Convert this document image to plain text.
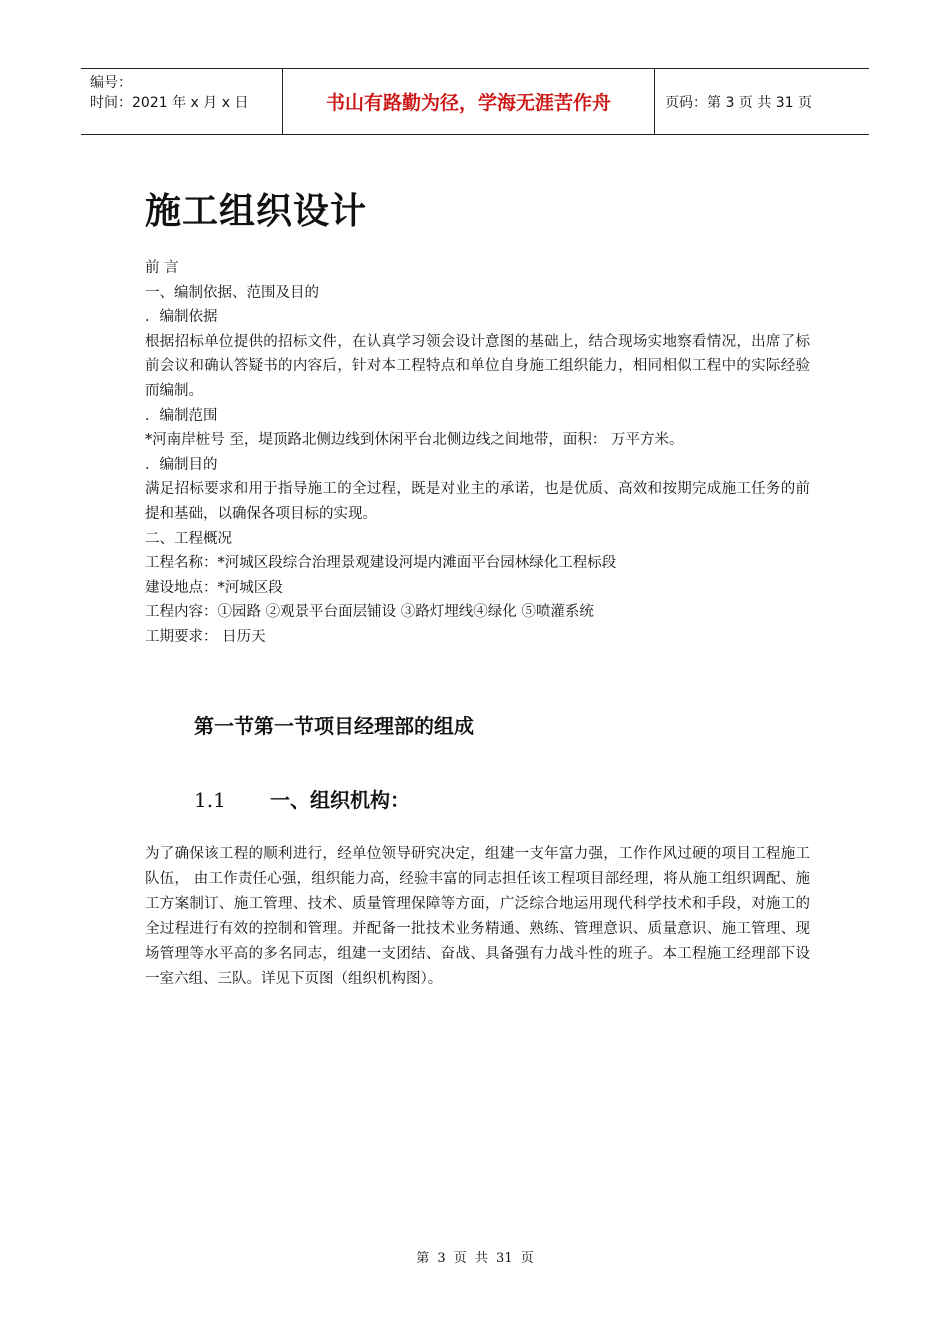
编号：
时间：2021 年 x 月 x 日	书山有路勤为径，学海无涯苦作舟	页码：第 3 页 共 31 页
施工组织设计

前 言

一、编制依据、范围及目的

．编制依据

根据招标单位提供的招标文件，在认真学习领会设计意图的基础上，结合现场实地察看情况，出席了标前会议和确认答疑书的内容后，针对本工程特点和单位自身施工组织能力，相同相似工程中的实际经验而编制。

．编制范围

*河南岸桩号 至，堤顶路北侧边线到休闲平台北侧边线之间地带，面积： 万平方米。

．编制目的

满足招标要求和用于指导施工的全过程，既是对业主的承诺，也是优质、高效和按期完成施工任务的前提和基础，以确保各项目标的实现。

二、工程概况

工程名称：*河城区段综合治理景观建设河堤内滩面平台园林绿化工程标段

建设地点：*河城区段

工程内容：①园路 ②观景平台面层铺设 ③路灯埋线④绿化 ⑤喷灌系统

工期要求： 日历天

第一节第一节项目经理部的组成
1.1 一、组织机构：

为了确保该工程的顺利进行，经单位领导研究决定，组建一支年富力强，工作作风过硬的项目工程施工队伍， 由工作责任心强，组织能力高，经验丰富的同志担任该工程项目部经理，将从施工组织调配、施工方案制订、施工管理、技术、质量管理保障等方面，广泛综合地运用现代科学技术和手段，对施工的全过程进行有效的控制和管理。并配备一批技术业务精通、熟练、管理意识、质量意识、施工管理、现场管理等水平高的多名同志，组建一支团结、奋战、具备强有力战斗性的班子。本工程施工经理部下设一室六组、三队。详见下页图（组织机构图）。

第 3 页 共 31 页
